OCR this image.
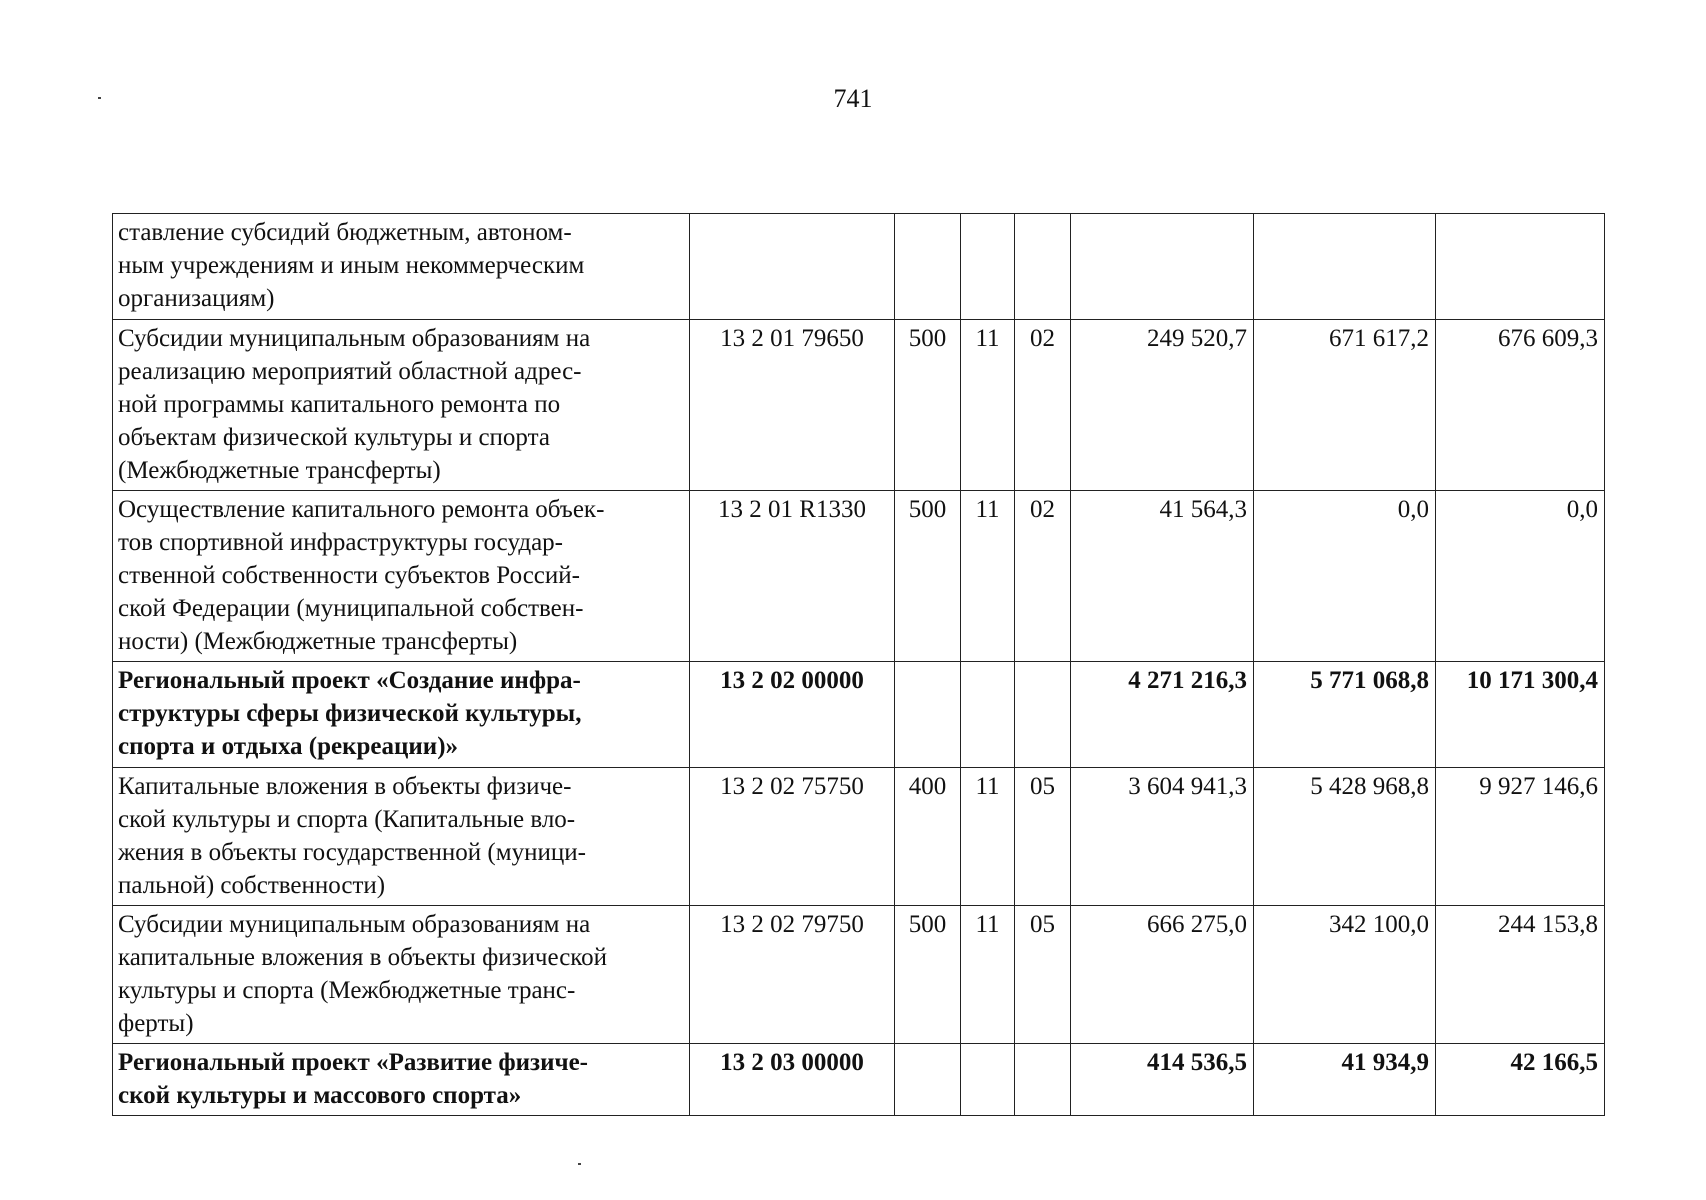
741
ставление субсидий бюджетным, автоном-
ным учреждениям и иным некоммерческим
организациям)							

Субсидии муниципальным образованиям на
реализацию мероприятий областной адрес-
ной программы капитального ремонта по
объектам физической культуры и спорта
(Межбюджетные трансферты)	13 2 01 79650	500	11	02	249 520,7	671 617,2	676 609,3

Осуществление капитального ремонта объек-
тов спортивной инфраструктуры государ-
ственной собственности субъектов Россий-
ской Федерации (муниципальной собствен-
ности) (Межбюджетные трансферты)	13 2 01 R1330	500	11	02	41 564,3	0,0	0,0

Региональный проект «Создание инфра-
структуры сферы физической культуры,
спорта и отдыха (рекреации)»	13 2 02 00000				4 271 216,3	5 771 068,8	10 171 300,4

Капитальные вложения в объекты физиче-
ской культуры и спорта (Капитальные вло-
жения в объекты государственной (муници-
пальной) собственности)	13 2 02 75750	400	11	05	3 604 941,3	5 428 968,8	9 927 146,6

Субсидии муниципальным образованиям на
капитальные вложения в объекты физической
культуры и спорта (Межбюджетные транс-
ферты)	13 2 02 79750	500	11	05	666 275,0	342 100,0	244 153,8

Региональный проект «Развитие физиче-
ской культуры и массового спорта»	13 2 03 00000				414 536,5	41 934,9	42 166,5
